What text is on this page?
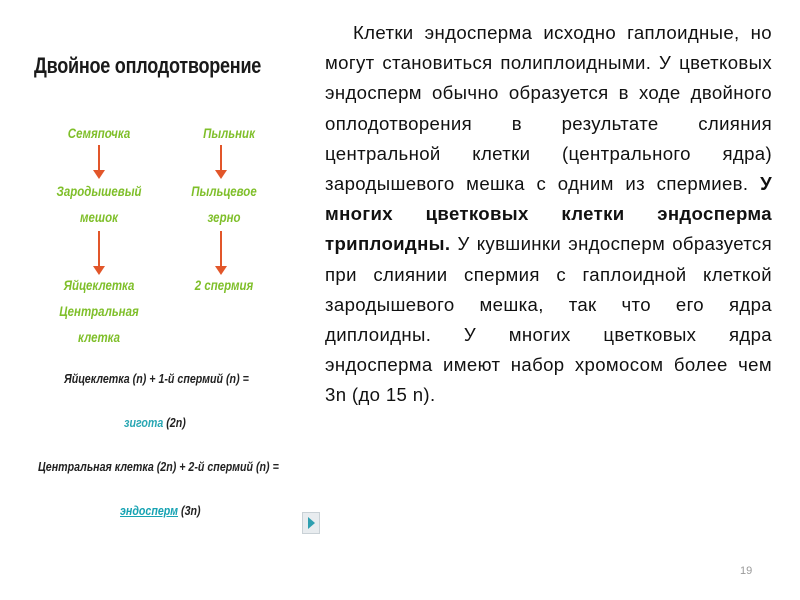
Двойное оплодотворение
Семяпочка
Зародышевый
мешок
Яйцеклетка
Центральная
клетка
Пыльник
Пыльцевое
зерно
2 спермия
Яйцеклетка (n) + 1-й спермий (n) =
зигота (2n)
Центральная клетка (2n) + 2-й спермий (n) =
эндосперм (3n)
Клетки эндосперма исходно гаплоидные, но могут становиться полиплоидными. У цветковых эндосперм обычно образуется в ходе двойного оплодотворения в результате слияния центральной клетки (центрального ядра) зародышевого мешка с одним из спермиев. У многих цветковых клетки эндосперма триплоидны. У кувшинки эндосперм образуется при слиянии спермия с гаплоидной клеткой зародышевого мешка, так что его ядра диплоидны. У многих цветковых ядра эндосперма имеют набор хромосом более чем 3n (до 15 n).
19
